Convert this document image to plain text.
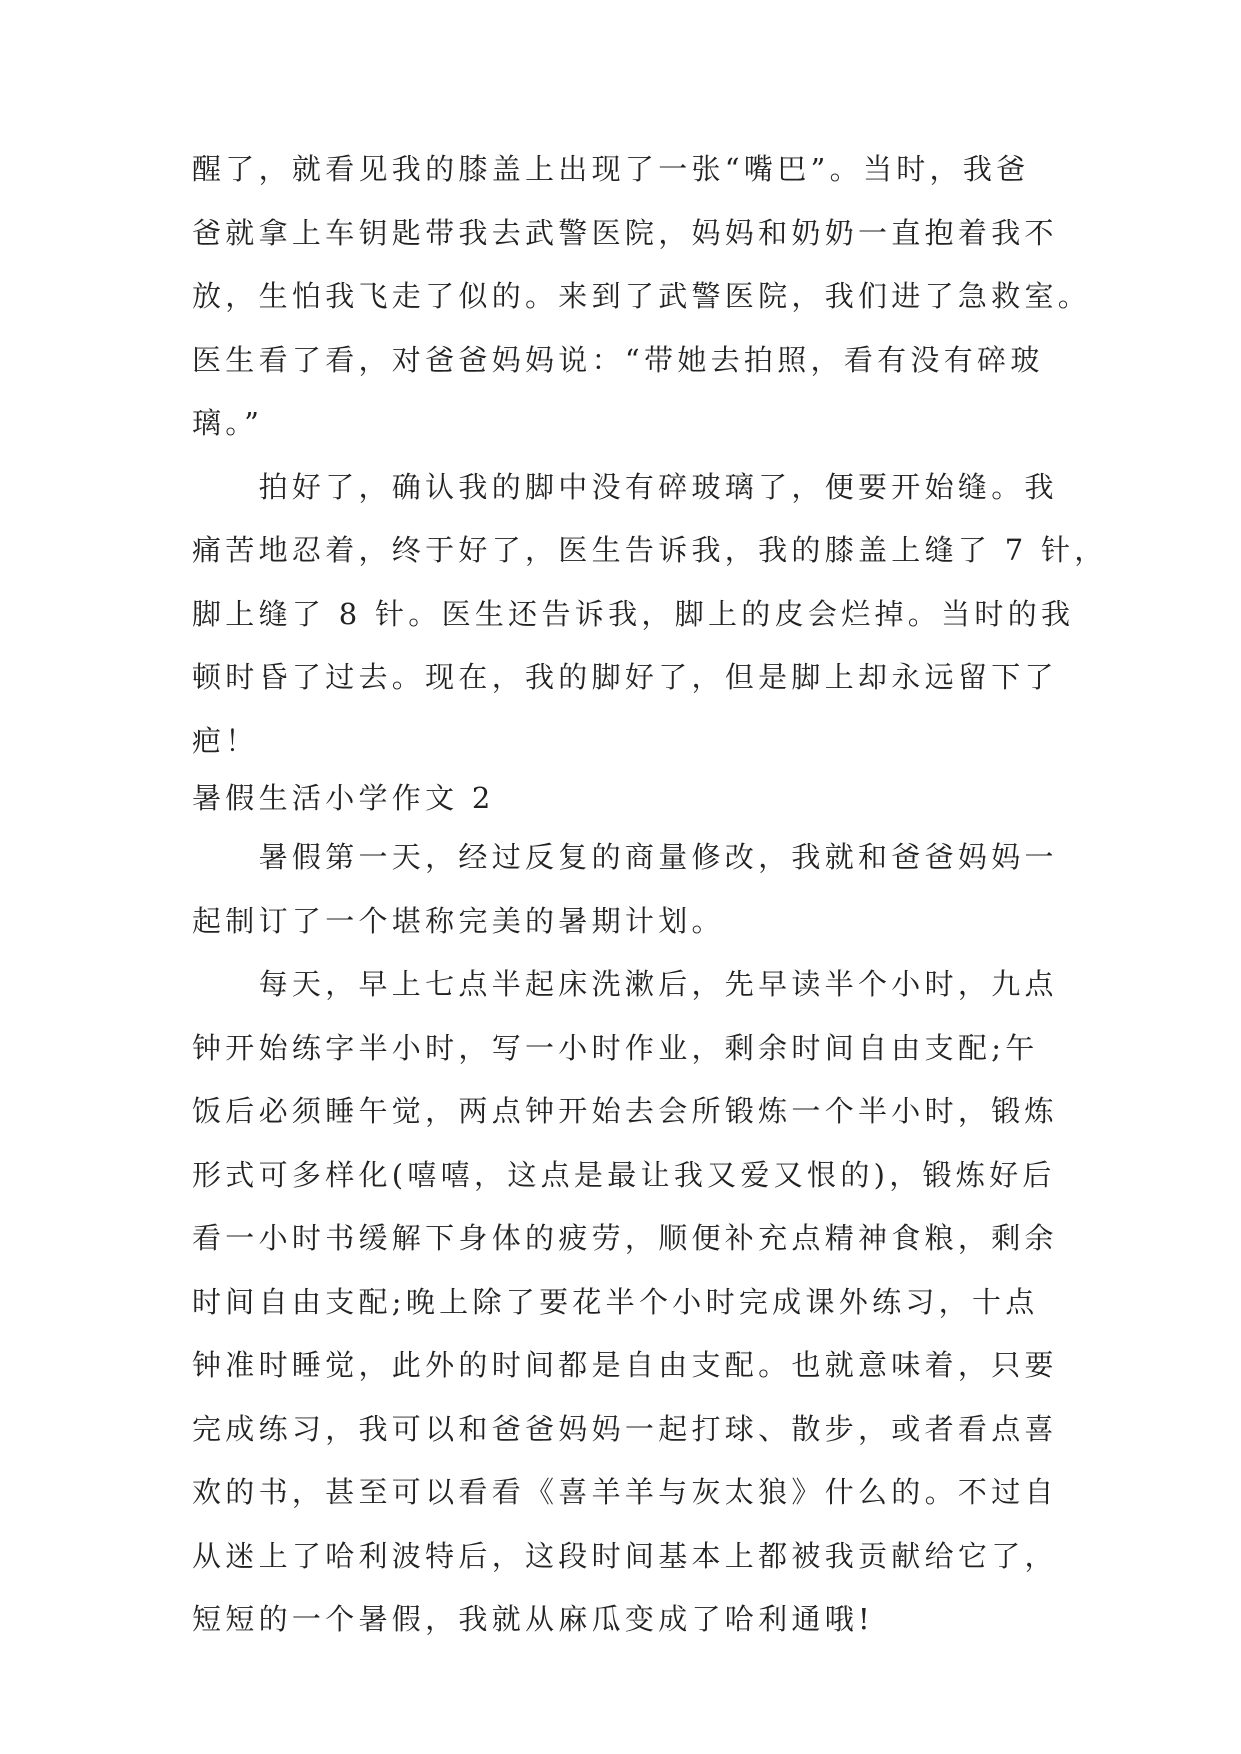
醒了，就看见我的膝盖上出现了一张“嘴巴”。当时，我爸
爸就拿上车钥匙带我去武警医院，妈妈和奶奶一直抱着我不
放，生怕我飞走了似的。来到了武警医院，我们进了急救室。
医生看了看，对爸爸妈妈说：“带她去拍照，看有没有碎玻
璃。”
　　拍好了，确认我的脚中没有碎玻璃了，便要开始缝。我
痛苦地忍着，终于好了，医生告诉我，我的膝盖上缝了 7 针，
脚上缝了 8 针。医生还告诉我，脚上的皮会烂掉。当时的我
顿时昏了过去。现在，我的脚好了，但是脚上却永远留下了
疤！
暑假生活小学作文 2
　　暑假第一天，经过反复的商量修改，我就和爸爸妈妈一
起制订了一个堪称完美的暑期计划。
　　每天，早上七点半起床洗漱后，先早读半个小时，九点
钟开始练字半小时，写一小时作业，剩余时间自由支配;午
饭后必须睡午觉，两点钟开始去会所锻炼一个半小时，锻炼
形式可多样化(嘻嘻，这点是最让我又爱又恨的)，锻炼好后
看一小时书缓解下身体的疲劳，顺便补充点精神食粮，剩余
时间自由支配;晚上除了要花半个小时完成课外练习，十点
钟准时睡觉，此外的时间都是自由支配。也就意味着，只要
完成练习，我可以和爸爸妈妈一起打球、散步，或者看点喜
欢的书，甚至可以看看《喜羊羊与灰太狼》什么的。不过自
从迷上了哈利波特后，这段时间基本上都被我贡献给它了，
短短的一个暑假，我就从麻瓜变成了哈利通哦!
